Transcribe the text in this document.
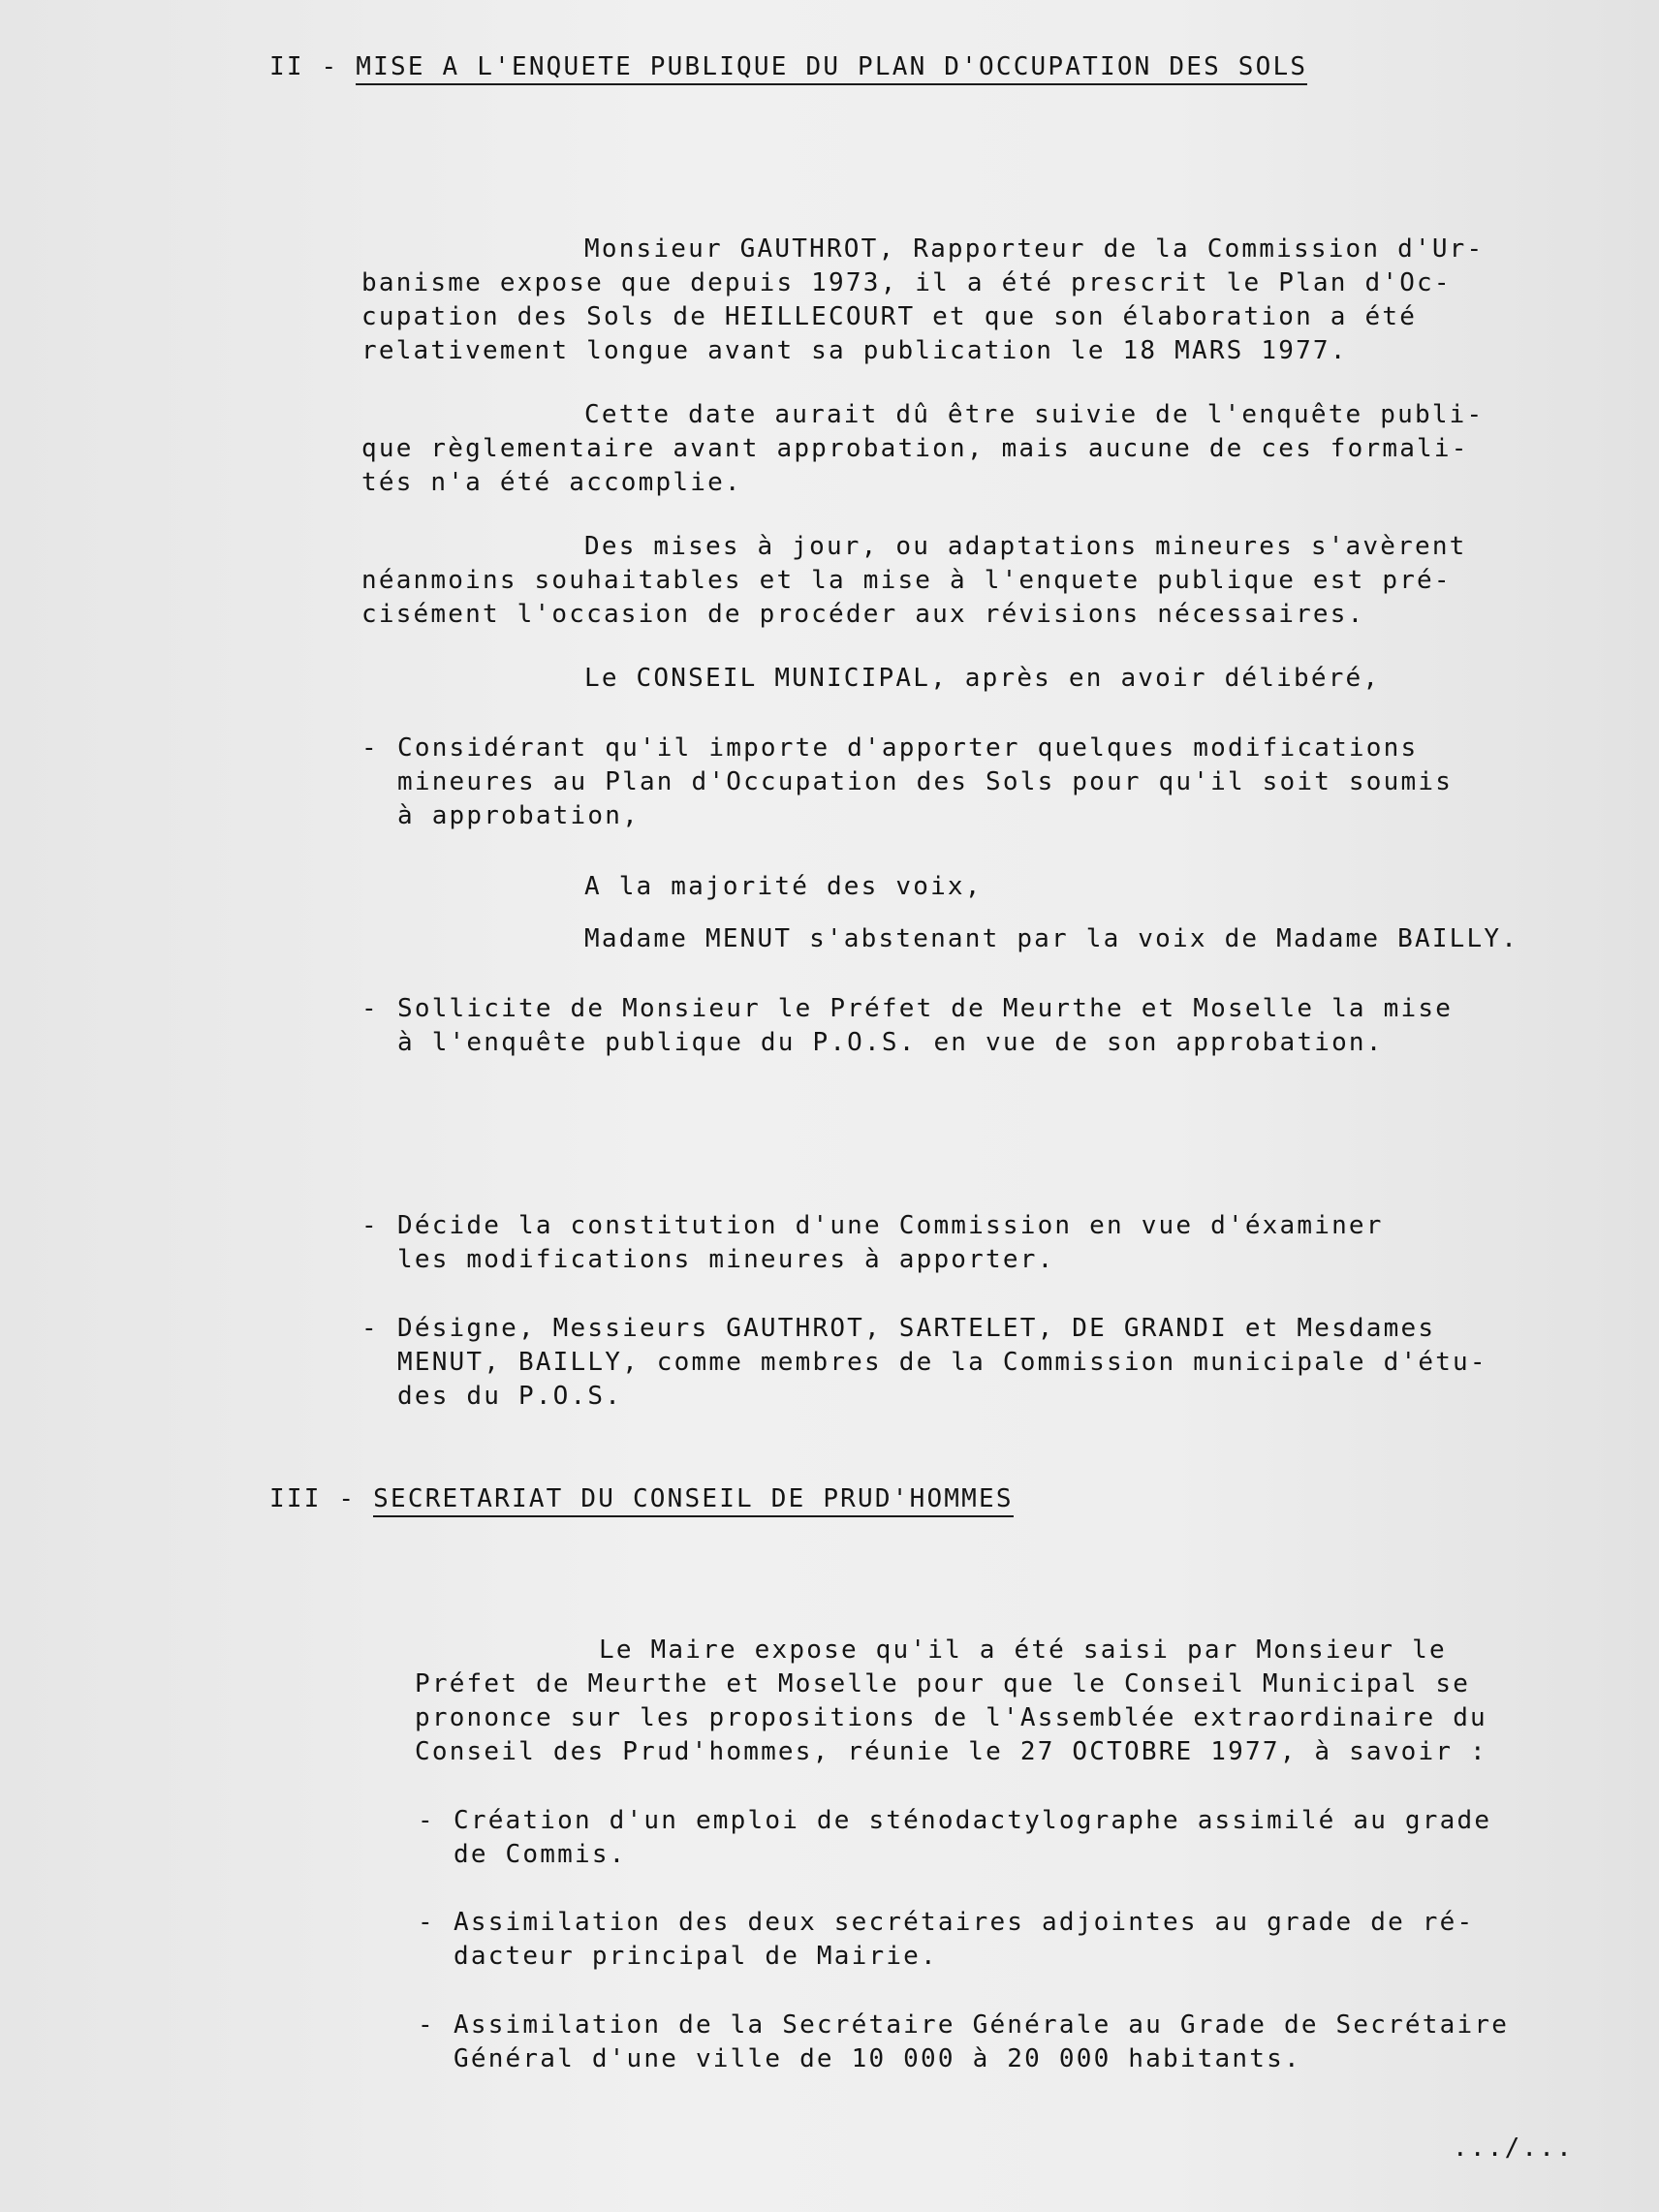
II - MISE A L'ENQUETE PUBLIQUE DU PLAN D'OCCUPATION DES SOLS
Monsieur GAUTHROT, Rapporteur de la Commission d'Ur-
banisme expose que depuis 1973, il a été prescrit le Plan d'Oc-
cupation des Sols de HEILLECOURT et que son élaboration a été
relativement longue avant sa publication le 18 MARS 1977.
Cette date aurait dû être suivie de l'enquête publi-
que règlementaire avant approbation, mais aucune de ces formali-
tés n'a été accomplie.
Des mises à jour, ou adaptations mineures s'avèrent
néanmoins souhaitables et la mise à l'enquete publique est pré-
cisément l'occasion de procéder aux révisions nécessaires.
Le CONSEIL MUNICIPAL, après en avoir délibéré,
- Considérant qu'il importe d'apporter quelques modifications
mineures au Plan d'Occupation des Sols pour qu'il soit soumis
à approbation,
A la majorité des voix,
Madame MENUT s'abstenant par la voix de Madame BAILLY.
- Sollicite de Monsieur le Préfet de Meurthe et Moselle la mise
à l'enquête publique du P.O.S. en vue de son approbation.
- Décide la constitution d'une Commission en vue d'éxaminer
les modifications mineures à apporter.
- Désigne, Messieurs GAUTHROT, SARTELET, DE GRANDI et Mesdames
MENUT, BAILLY, comme membres de la Commission municipale d'étu-
des du P.O.S.
III - SECRETARIAT DU CONSEIL DE PRUD'HOMMES
Le Maire expose qu'il a été saisi par Monsieur le
Préfet de Meurthe et Moselle pour que le Conseil Municipal se
prononce sur les propositions de l'Assemblée extraordinaire du
Conseil des Prud'hommes, réunie le 27 OCTOBRE 1977, à savoir :
- Création d'un emploi de sténodactylographe assimilé au grade
de Commis.
- Assimilation des deux secrétaires adjointes au grade de ré-
dacteur principal de Mairie.
- Assimilation de la Secrétaire Générale au Grade de Secrétaire
Général d'une ville de 10 000 à 20 000 habitants.
.../...
